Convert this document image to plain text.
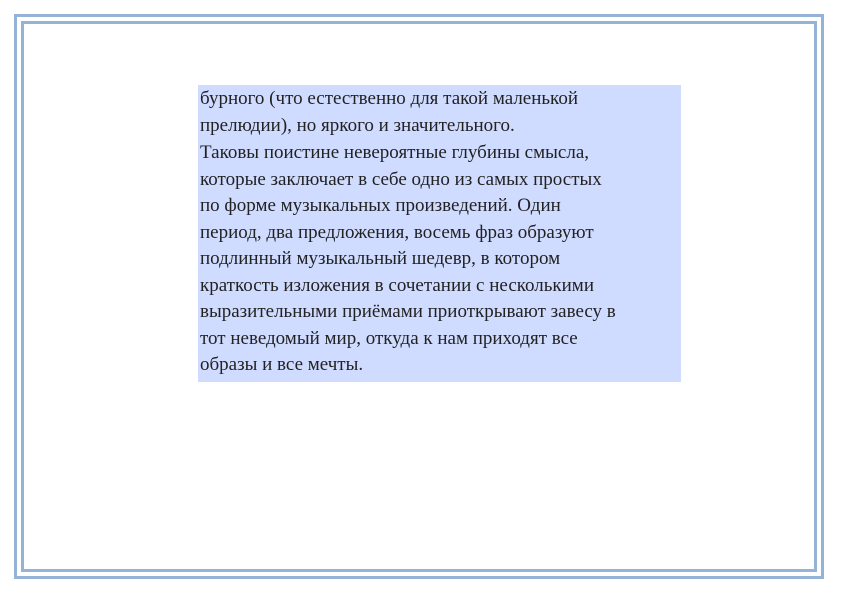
бурного (что естественно для такой маленькой
прелюдии), но яркого и значительного.

Таковы поистине невероятные глубины смысла,
которые заключает в себе одно из самых простых
по форме музыкальных произведений. Один
период, два предложения, восемь фраз образуют
подлинный музыкальный шедевр, в котором
краткость изложения в сочетании с несколькими
выразительными приёмами приоткрывают завесу в
тот неведомый мир, откуда к нам приходят все
образы и все мечты.
